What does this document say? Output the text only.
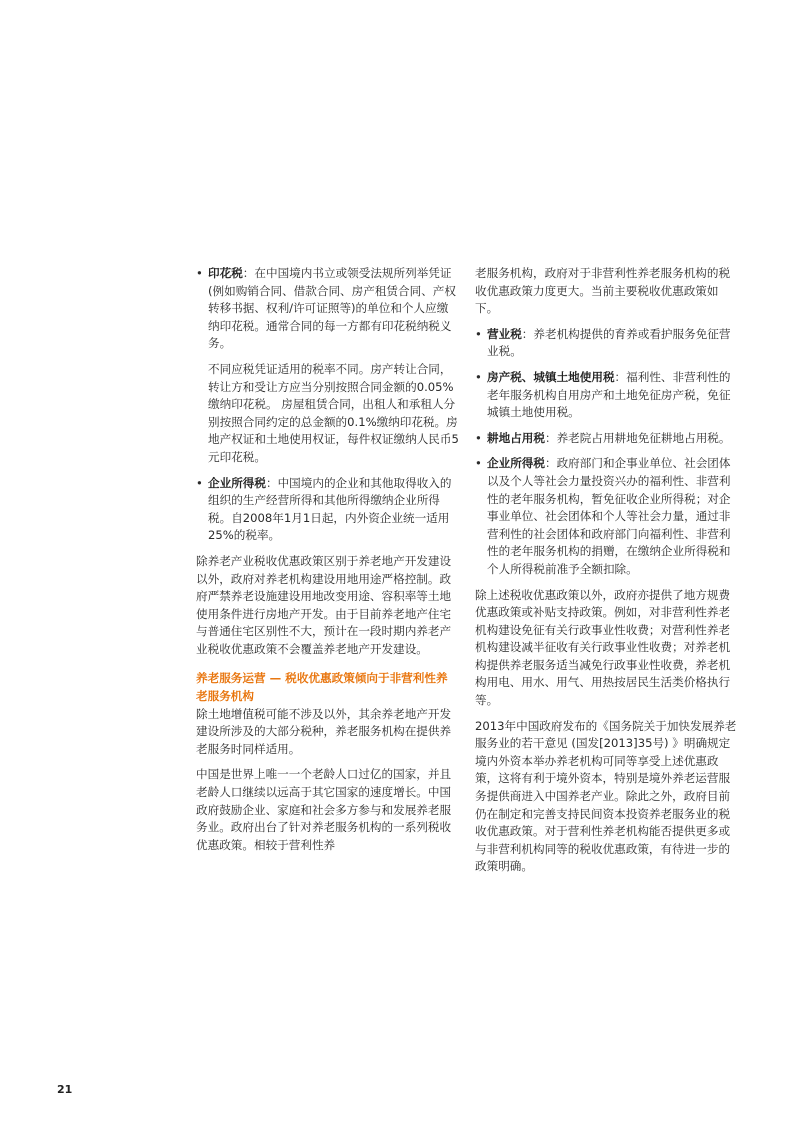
• 印花税：在中国境内书立或领受法规所列举凭证 (例如购销合同、借款合同、房产租赁合同、产权转移书据、权利/许可证照等)的单位和个人应缴纳印花税。通常合同的每一方都有印花税纳税义务。

不同应税凭证适用的税率不同。房产转让合同，转让方和受让方应当分别按照合同金额的0.05%缴纳印花税。 房屋租赁合同，出租人和承租人分别按照合同约定的总金额的0.1%缴纳印花税。房地产权证和土地使用权证，每件权证缴纳人民币5元印花税。

• 企业所得税：中国境内的企业和其他取得收入的组织的生产经营所得和其他所得缴纳企业所得税。自2008年1月1日起，内外资企业统一适用25%的税率。

除养老产业税收优惠政策区别于养老地产开发建设以外，政府对养老机构建设用地用途严格控制。政府严禁养老设施建设用地改变用途、容积率等土地使用条件进行房地产开发。由于目前养老地产住宅与普通住宅区别性不大，预计在一段时期内养老产业税收优惠政策不会覆盖养老地产开发建设。

养老服务运营 — 税收优惠政策倾向于非营利性养老服务机构

除土地增值税可能不涉及以外，其余养老地产开发建设所涉及的大部分税种，养老服务机构在提供养老服务时同样适用。

中国是世界上唯一一个老龄人口过亿的国家，并且老龄人口继续以远高于其它国家的速度增长。中国政府鼓励企业、家庭和社会多方参与和发展养老服务业。政府出台了针对养老服务机构的一系列税收优惠政策。相较于营利性养

老服务机构，政府对于非营利性养老服务机构的税收优惠政策力度更大。当前主要税收优惠政策如下。

• 营业税：养老机构提供的育养或看护服务免征营业税。
• 房产税、城镇土地使用税：福利性、非营利性的老年服务机构自用房产和土地免征房产税，免征城镇土地使用税。
• 耕地占用税：养老院占用耕地免征耕地占用税。
• 企业所得税：政府部门和企事业单位、社会团体以及个人等社会力量投资兴办的福利性、非营利性的老年服务机构，暂免征收企业所得税；对企事业单位、社会团体和个人等社会力量，通过非营利性的社会团体和政府部门向福利性、非营利性的老年服务机构的捐赠，在缴纳企业所得税和个人所得税前准予全额扣除。

除上述税收优惠政策以外，政府亦提供了地方规费优惠政策或补贴支持政策。例如，对非营利性养老机构建设免征有关行政事业性收费；对营利性养老机构建设减半征收有关行政事业性收费；对养老机构提供养老服务适当减免行政事业性收费，养老机构用电、用水、用气、用热按居民生活类价格执行等。

2013年中国政府发布的《国务院关于加快发展养老服务业的若干意见 (国发[2013]35号) 》明确规定境内外资本举办养老机构可同等享受上述优惠政策，这将有利于境外资本，特别是境外养老运营服务提供商进入中国养老产业。除此之外，政府目前仍在制定和完善支持民间资本投资养老服务业的税收优惠政策。对于营利性养老机构能否提供更多或与非营利机构同等的税收优惠政策，有待进一步的政策明确。

21
